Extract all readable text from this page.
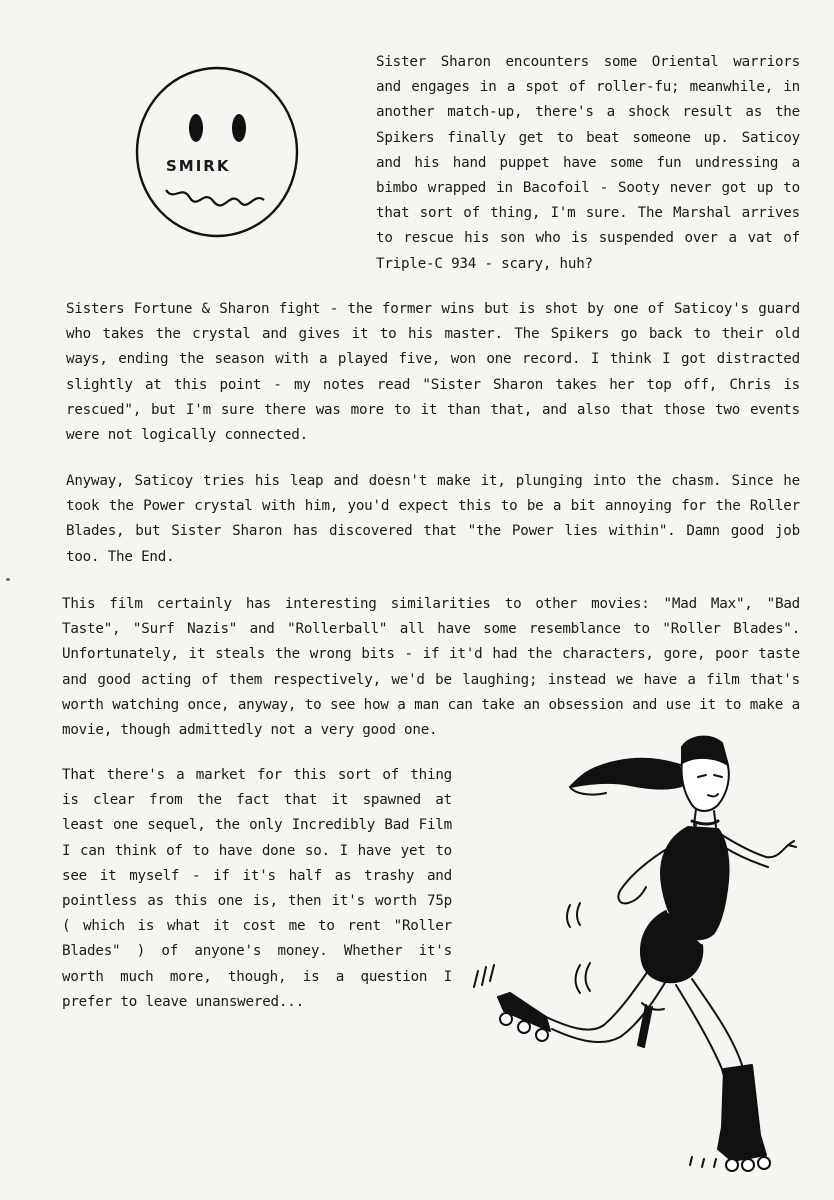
SMIRK
Sister Sharon encounters some Oriental warriors and engages in a spot of roller-fu; meanwhile, in another match-up, there's a shock result as the Spikers finally get to beat someone up. Saticoy and his hand puppet have some fun undressing a bimbo wrapped in Bacofoil - Sooty never got up to that sort of thing, I'm sure. The Marshal arrives to rescue his son who is suspended over a vat of Triple-C 934 - scary, huh?
Sisters Fortune & Sharon fight - the former wins but is shot by one of Saticoy's guard who takes the crystal and gives it to his master. The Spikers go back to their old ways, ending the season with a played five, won one record. I think I got distracted slightly at this point - my notes read "Sister Sharon takes her top off, Chris is rescued", but I'm sure there was more to it than that, and also that those two events were not logically connected.
Anyway, Saticoy tries his leap and doesn't make it, plunging into the chasm. Since he took the Power crystal with him, you'd expect this to be a bit annoying for the Roller Blades, but Sister Sharon has discovered that "the Power lies within". Damn good job too. The End.
This film certainly has interesting similarities to other movies: "Mad Max", "Bad Taste", "Surf Nazis" and "Rollerball" all have some resemblance to "Roller Blades". Unfortunately, it steals the wrong bits - if it'd had the characters, gore, poor taste and good acting of them respectively, we'd be laughing; instead we have a film that's worth watching once, anyway, to see how a man can take an obsession and use it to make a movie, though admittedly not a very good one.
That there's a market for this sort of thing is clear from the fact that it spawned at least one sequel, the only Incredibly Bad Film I can think of to have done so. I have yet to see it myself - if it's half as trashy and pointless as this one is, then it's worth 75p ( which is what it cost me to rent "Roller Blades" ) of anyone's money. Whether it's worth much more, though, is a question I prefer to leave unanswered...
